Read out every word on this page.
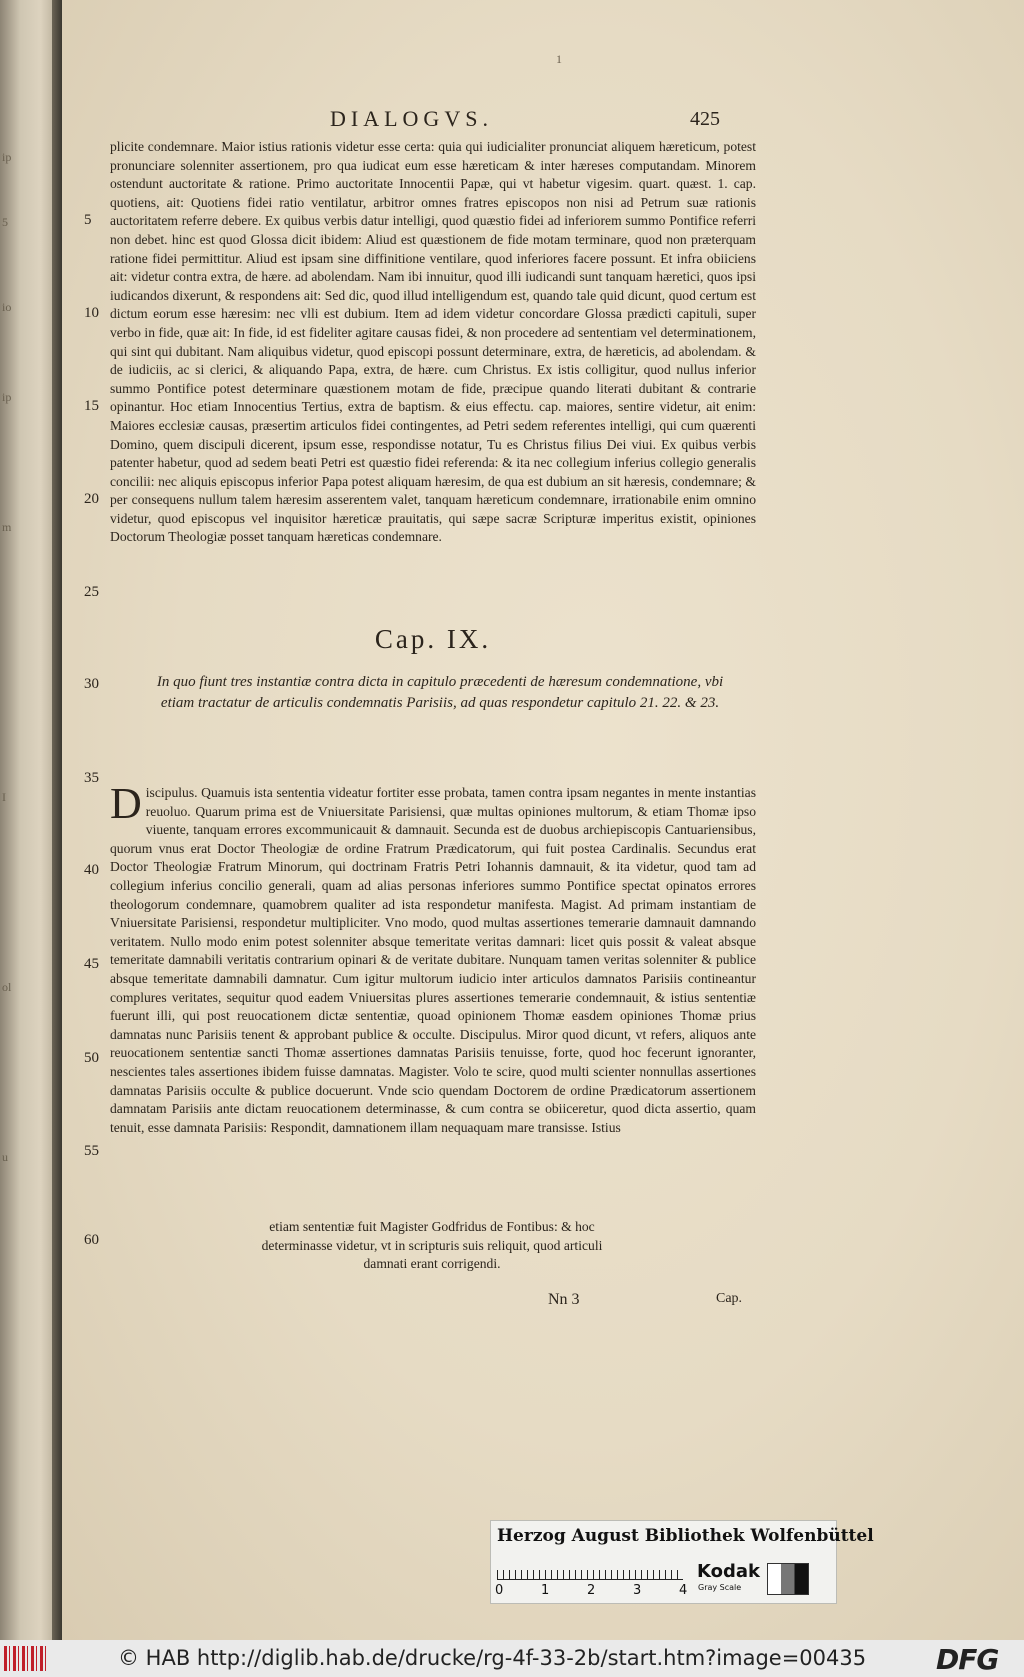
ip
5
io
ip
m
I
ol
u
1
DIALOGVS.	425
5
10
15
20
25
30
35
40
45
50
55
60
plicite condemnare. Maior istius rationis videtur esse certa: quia qui iudicialiter pronunciat aliquem hæreticum, potest pronunciare solenniter assertionem, pro qua iudicat eum esse hæreticam & inter hæreses computandam. Minorem ostendunt auctoritate & ratione. Primo auctoritate Innocentii Papæ, qui vt habetur vigesim. quart. quæst. 1. cap. quotiens, ait: Quotiens fidei ratio ventilatur, arbitror omnes fratres episcopos non nisi ad Petrum suæ rationis auctoritatem referre debere. Ex quibus verbis datur intelligi, quod quæstio fidei ad inferiorem summo Pontifice referri non debet. hinc est quod Glossa dicit ibidem: Aliud est quæstionem de fide motam terminare, quod non præterquam ratione fidei permittitur. Aliud est ipsam sine diffinitione ventilare, quod inferiores facere possunt. Et infra obiiciens ait: videtur contra extra, de hære. ad abolendam. Nam ibi innuitur, quod illi iudicandi sunt tanquam hæretici, quos ipsi iudicandos dixerunt, & respondens ait: Sed dic, quod illud intelligendum est, quando tale quid dicunt, quod certum est dictum eorum esse hæresim: nec vlli est dubium. Item ad idem videtur concordare Glossa prædicti capituli, super verbo in fide, quæ ait: In fide, id est fideliter agitare causas fidei, & non procedere ad sententiam vel determinationem, qui sint qui dubitant. Nam aliquibus videtur, quod episcopi possunt determinare, extra, de hæreticis, ad abolendam. & de iudiciis, ac si clerici, & aliquando Papa, extra, de hære. cum Christus. Ex istis colligitur, quod nullus inferior summo Pontifice potest determinare quæstionem motam de fide, præcipue quando literati dubitant & contrarie opinantur. Hoc etiam Innocentius Tertius, extra de baptism. & eius effectu. cap. maiores, sentire videtur, ait enim: Maiores ecclesiæ causas, præsertim articulos fidei contingentes, ad Petri sedem referentes intelligi, qui cum quærenti Domino, quem discipuli dicerent, ipsum esse, respondisse notatur, Tu es Christus filius Dei viui. Ex quibus verbis patenter habetur, quod ad sedem beati Petri est quæstio fidei referenda: & ita nec collegium inferius collegio generalis concilii: nec aliquis episcopus inferior Papa potest aliquam hæresim, de qua est dubium an sit hæresis, condemnare; & per consequens nullum talem hæresim asserentem valet, tanquam hæreticum condemnare, irrationabile enim omnino videtur, quod episcopus vel inquisitor hæreticæ prauitatis, qui sæpe sacræ Scripturæ imperitus existit, opiniones Doctorum Theologiæ posset tanquam hæreticas condemnare.
Cap. IX.
In quo fiunt tres instantiæ contra dicta in capitulo præcedenti de hæresum condemnatione, vbi etiam tractatur de articulis condemnatis Parisiis, ad quas respondetur capitulo 21. 22. & 23.
Discipulus. Quamuis ista sententia videatur fortiter esse probata, tamen contra ipsam negantes in mente instantias reuoluo. Quarum prima est de Vniuersitate Parisiensi, quæ multas opiniones multorum, & etiam Thomæ ipso viuente, tanquam errores excommunicauit & damnauit. Secunda est de duobus archiepiscopis Cantuariensibus, quorum vnus erat Doctor Theologiæ de ordine Fratrum Prædicatorum, qui fuit postea Cardinalis. Secundus erat Doctor Theologiæ Fratrum Minorum, qui doctrinam Fratris Petri Iohannis damnauit, & ita videtur, quod tam ad collegium inferius concilio generali, quam ad alias personas inferiores summo Pontifice spectat opinatos errores theologorum condemnare, quamobrem qualiter ad ista respondetur manifesta. Magist. Ad primam instantiam de Vniuersitate Parisiensi, respondetur multipliciter. Vno modo, quod multas assertiones temerarie damnauit damnando veritatem. Nullo modo enim potest solenniter absque temeritate veritas damnari: licet quis possit & valeat absque temeritate damnabili veritatis contrarium opinari & de veritate dubitare. Nunquam tamen veritas solenniter & publice absque temeritate damnabili damnatur. Cum igitur multorum iudicio inter articulos damnatos Parisiis contineantur complures veritates, sequitur quod eadem Vniuersitas plures assertiones temerarie condemnauit, & istius sententiæ fuerunt illi, qui post reuocationem dictæ sententiæ, quoad opinionem Thomæ easdem opiniones Thomæ prius damnatas nunc Parisiis tenent & approbant publice & occulte. Discipulus. Miror quod dicunt, vt refers, aliquos ante reuocationem sententiæ sancti Thomæ assertiones damnatas Parisiis tenuisse, forte, quod hoc fecerunt ignoranter, nescientes tales assertiones ibidem fuisse damnatas. Magister. Volo te scire, quod multi scienter nonnullas assertiones damnatas Parisiis occulte & publice docuerunt. Vnde scio quendam Doctorem de ordine Prædicatorum assertionem damnatam Parisiis ante dictam reuocationem determinasse, & cum contra se obiiceretur, quod dicta assertio, quam tenuit, esse damnata Parisiis: Respondit, damnationem illam nequaquam mare transisse. Istius
etiam sententiæ fuit Magister Godfridus de Fontibus: & hoc determinasse videtur, vt in scripturis suis reliquit, quod articuli damnati erant corrigendi.
Nn 3	Cap.
Herzog August Bibliothek Wolfenbüttel
0	1	2	3	4
Kodak
Gray Scale
© HAB http://diglib.hab.de/drucke/rg-4f-33-2b/start.htm?image=00435 DFG
